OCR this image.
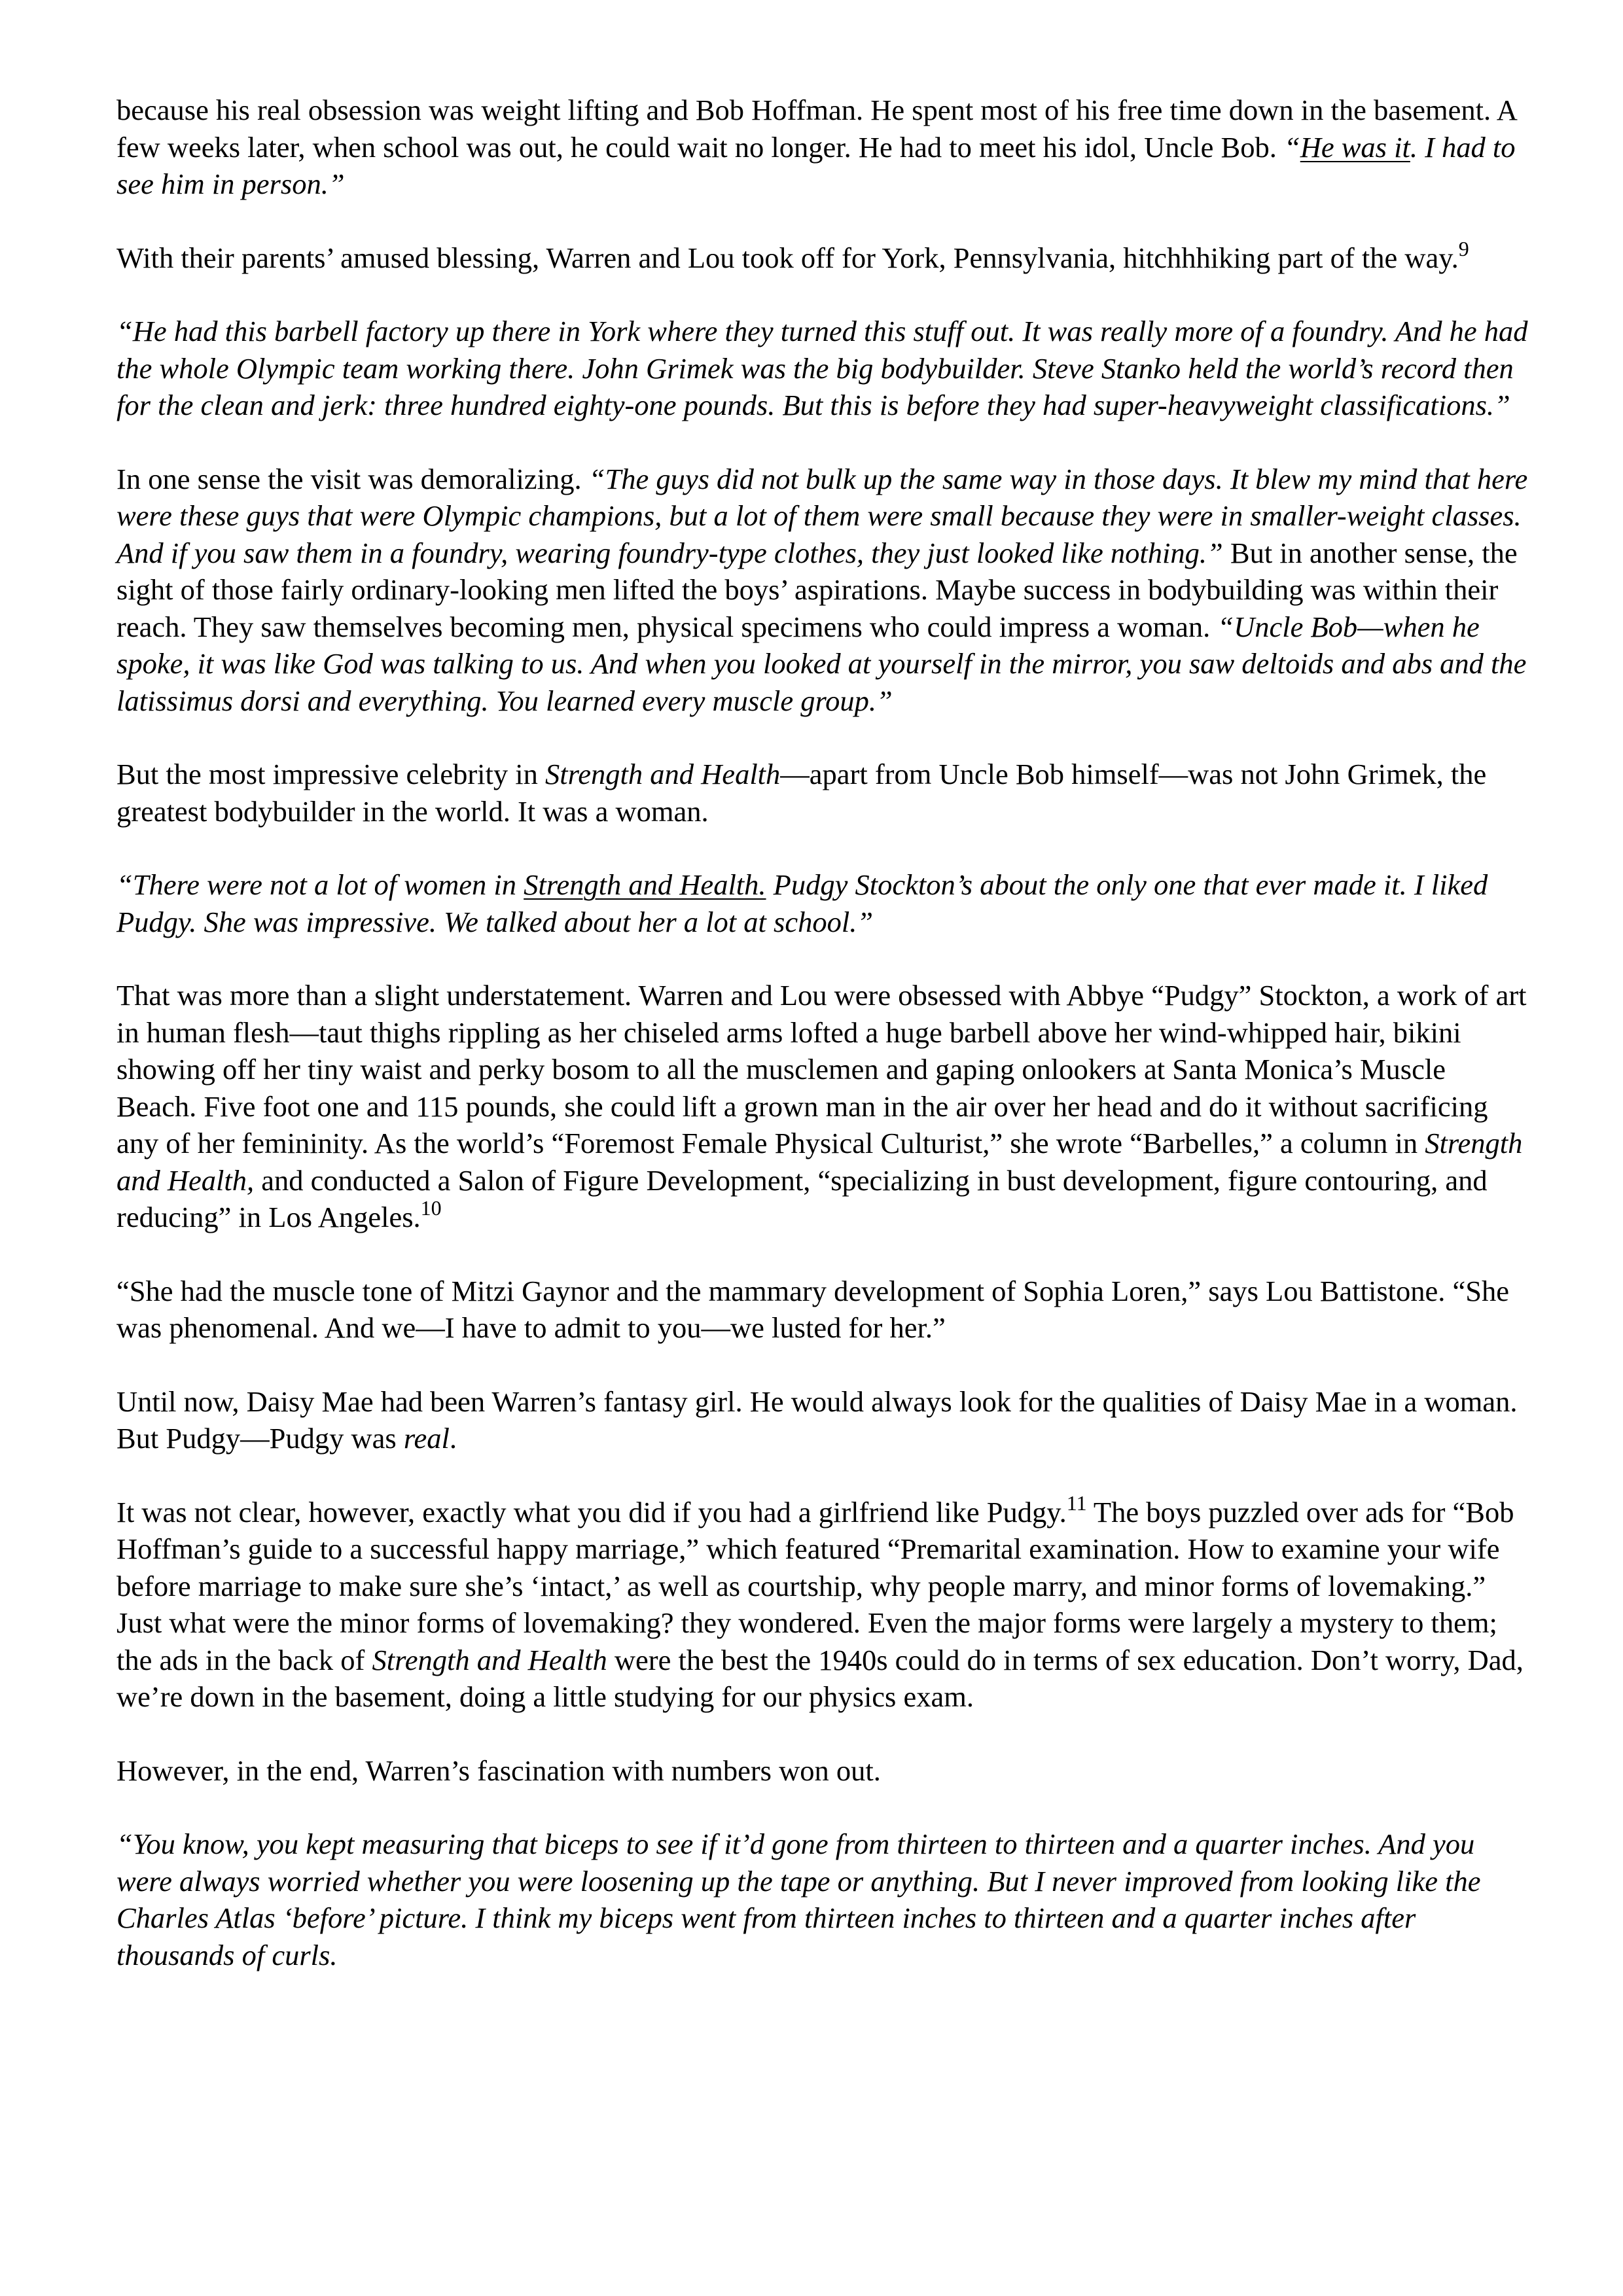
because his real obsession was weight lifting and Bob Hoffman. He spent most of his free time down in the basement. A few weeks later, when school was out, he could wait no longer. He had to meet his idol, Uncle Bob. “He was it. I had to see him in person.”

With their parents’ amused blessing, Warren and Lou took off for York, Pennsylvania, hitchhhiking part of the way.$^9$

“He had this barbell factory up there in York where they turned this stuff out. It was really more of a foundry. And he had the whole Olympic team working there. John Grimek was the big bodybuilder. Steve Stanko held the world’s record then for the clean and jerk: three hundred eighty-one pounds. But this is before they had super-heavyweight classifications.”

In one sense the visit was demoralizing. “The guys did not bulk up the same way in those days. It blew my mind that here were these guys that were Olympic champions, but a lot of them were small because they were in smaller-weight classes. And if you saw them in a foundry, wearing foundry-type clothes, they just looked like nothing.” But in another sense, the sight of those fairly ordinary-looking men lifted the boys’ aspirations. Maybe success in bodybuilding was within their reach. They saw themselves becoming men, physical specimens who could impress a woman. “Uncle Bob—when he spoke, it was like God was talking to us. And when you looked at yourself in the mirror, you saw deltoids and abs and the latissimus dorsi and everything. You learned every muscle group.”

But the most impressive celebrity in Strength and Health—apart from Uncle Bob himself—was not John Grimek, the greatest bodybuilder in the world. It was a woman.

“There were not a lot of women in Strength and Health. Pudgy Stockton’s about the only one that ever made it. I liked Pudgy. She was impressive. We talked about her a lot at school.”

That was more than a slight understatement. Warren and Lou were obsessed with Abbye “Pudgy” Stockton, a work of art in human flesh—taut thighs rippling as her chiseled arms lofted a huge barbell above her wind-whipped hair, bikini showing off her tiny waist and perky bosom to all the musclemen and gaping onlookers at Santa Monica’s Muscle Beach. Five foot one and 115 pounds, she could lift a grown man in the air over her head and do it without sacrificing any of her femininity. As the world’s “Foremost Female Physical Culturist,” she wrote “Barbelles,” a column in Strength and Health, and conducted a Salon of Figure Development, “specializing in bust development, figure contouring, and reducing” in Los Angeles.$^{10}$

“She had the muscle tone of Mitzi Gaynor and the mammary development of Sophia Loren,” says Lou Battistone. “She was phenomenal. And we—I have to admit to you—we lusted for her.”

Until now, Daisy Mae had been Warren’s fantasy girl. He would always look for the qualities of Daisy Mae in a woman. But Pudgy—Pudgy was real.

It was not clear, however, exactly what you did if you had a girlfriend like Pudgy.$^{11}$ The boys puzzled over ads for “Bob Hoffman’s guide to a successful happy marriage,” which featured “Premarital examination. How to examine your wife before marriage to make sure she’s ‘intact,’ as well as courtship, why people marry, and minor forms of lovemaking.” Just what were the minor forms of lovemaking? they wondered. Even the major forms were largely a mystery to them; the ads in the back of Strength and Health were the best the 1940s could do in terms of sex education. Don’t worry, Dad, we’re down in the basement, doing a little studying for our physics exam.

However, in the end, Warren’s fascination with numbers won out.

“You know, you kept measuring that biceps to see if it’d gone from thirteen to thirteen and a quarter inches. And you were always worried whether you were loosening up the tape or anything. But I never improved from looking like the Charles Atlas ‘before’ picture. I think my biceps went from thirteen inches to thirteen and a quarter inches after thousands of curls.
